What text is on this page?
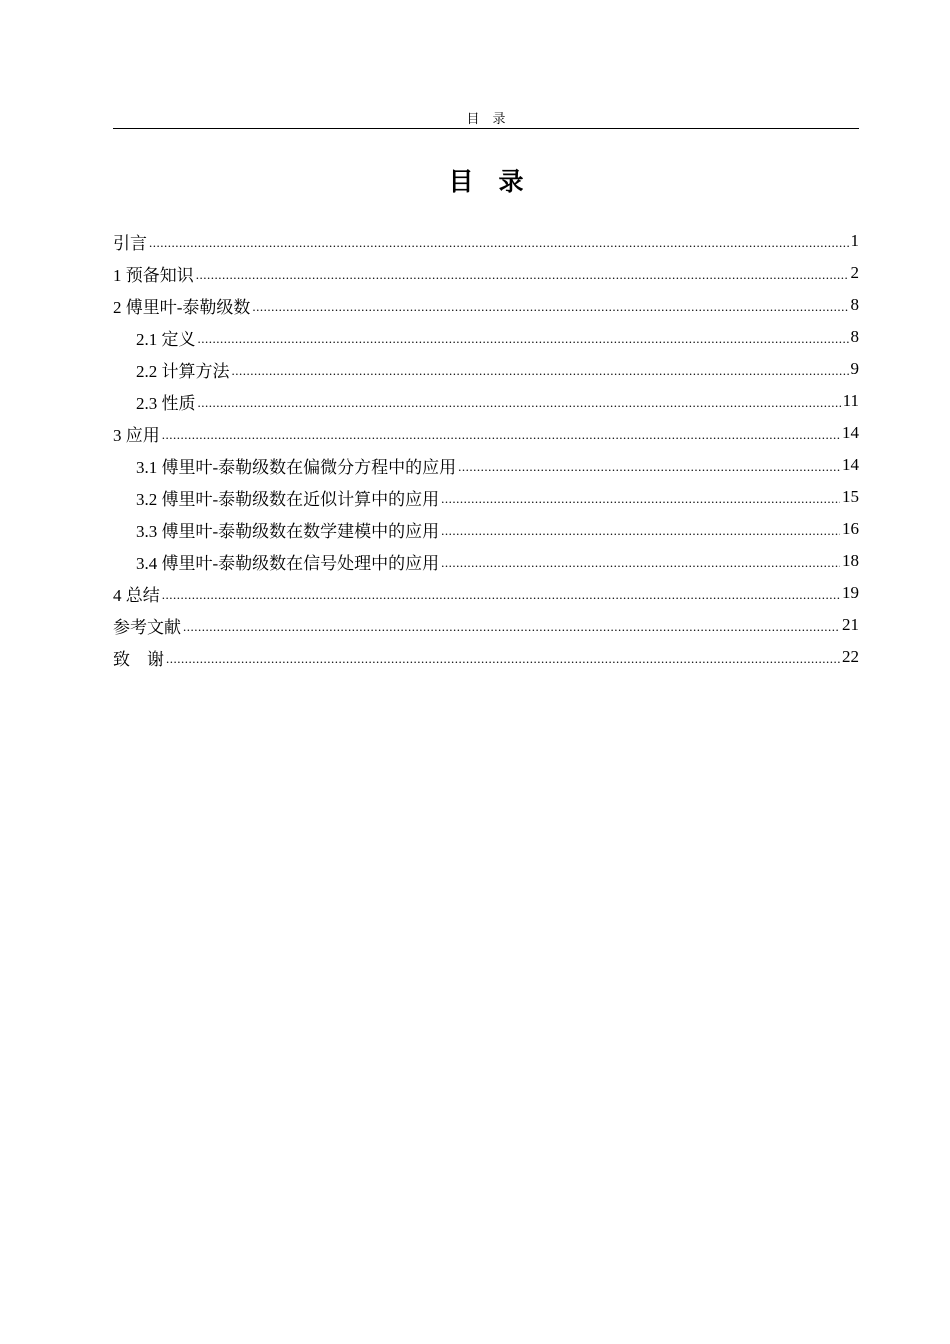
目　录
目　录
引言 .....	1
1 预备知识 .....	2
2 傅里叶-泰勒级数 .....	8
2.1 定义 .....	8
2.2 计算方法 .....	9
2.3 性质 .....	11
3 应用 .....	14
3.1 傅里叶-泰勒级数在偏微分方程中的应用 .....	14
3.2 傅里叶-泰勒级数在近似计算中的应用 .....	15
3.3 傅里叶-泰勒级数在数学建模中的应用 .....	16
3.4 傅里叶-泰勒级数在信号处理中的应用 .....	18
4 总结 .....	19
参考文献 .....	21
致　谢 .....	22
